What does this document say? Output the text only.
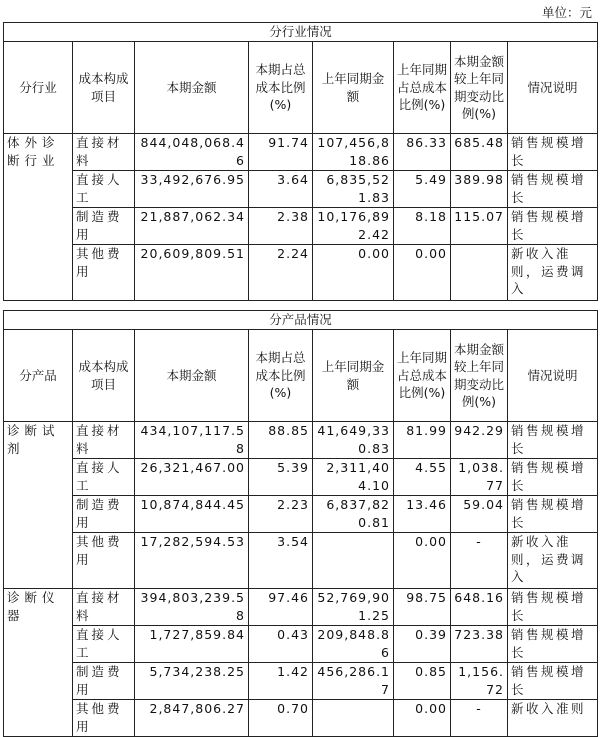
单位：元
分行业情况							
分行业	成本构成项目	本期金额	本期占总成本比例(%)	上年同期金额	上年同期占总成本比例(%)	本期金额较上年同期变动比例(%)	情况说明
体外诊断行业	直接材料	844,048,068.46	91.74	107,456,818.86	86.33	685.48	销售规模增长
	直接人工	33,492,676.95	3.64	6,835,521.83	5.49	389.98	销售规模增长
	制造费用	21,887,062.34	2.38	10,176,892.42	8.18	115.07	销售规模增长
	其他费用	20,609,809.51	2.24	0.00	0.00		新收入准则，运费调入
分产品情况							
分产品	成本构成项目	本期金额	本期占总成本比例(%)	上年同期金额	上年同期占总成本比例(%)	本期金额较上年同期变动比例(%)	情况说明
诊断试剂	直接材料	434,107,117.58	88.85	41,649,330.83	81.99	942.29	销售规模增长
	直接人工	26,321,467.00	5.39	2,311,404.10	4.55	1,038.77	销售规模增长
	制造费用	10,874,844.45	2.23	6,837,820.81	13.46	59.04	销售规模增长
	其他费用	17,282,594.53	3.54		0.00	-	新收入准则，运费调入
诊断仪器	直接材料	394,803,239.58	97.46	52,769,901.25	98.75	648.16	销售规模增长
	直接人工	1,727,859.84	0.43	209,848.86	0.39	723.38	销售规模增长
	制造费用	5,734,238.25	1.42	456,286.17	0.85	1,156.72	销售规模增长
	其他费用	2,847,806.27	0.70		0.00	-	新收入准则
